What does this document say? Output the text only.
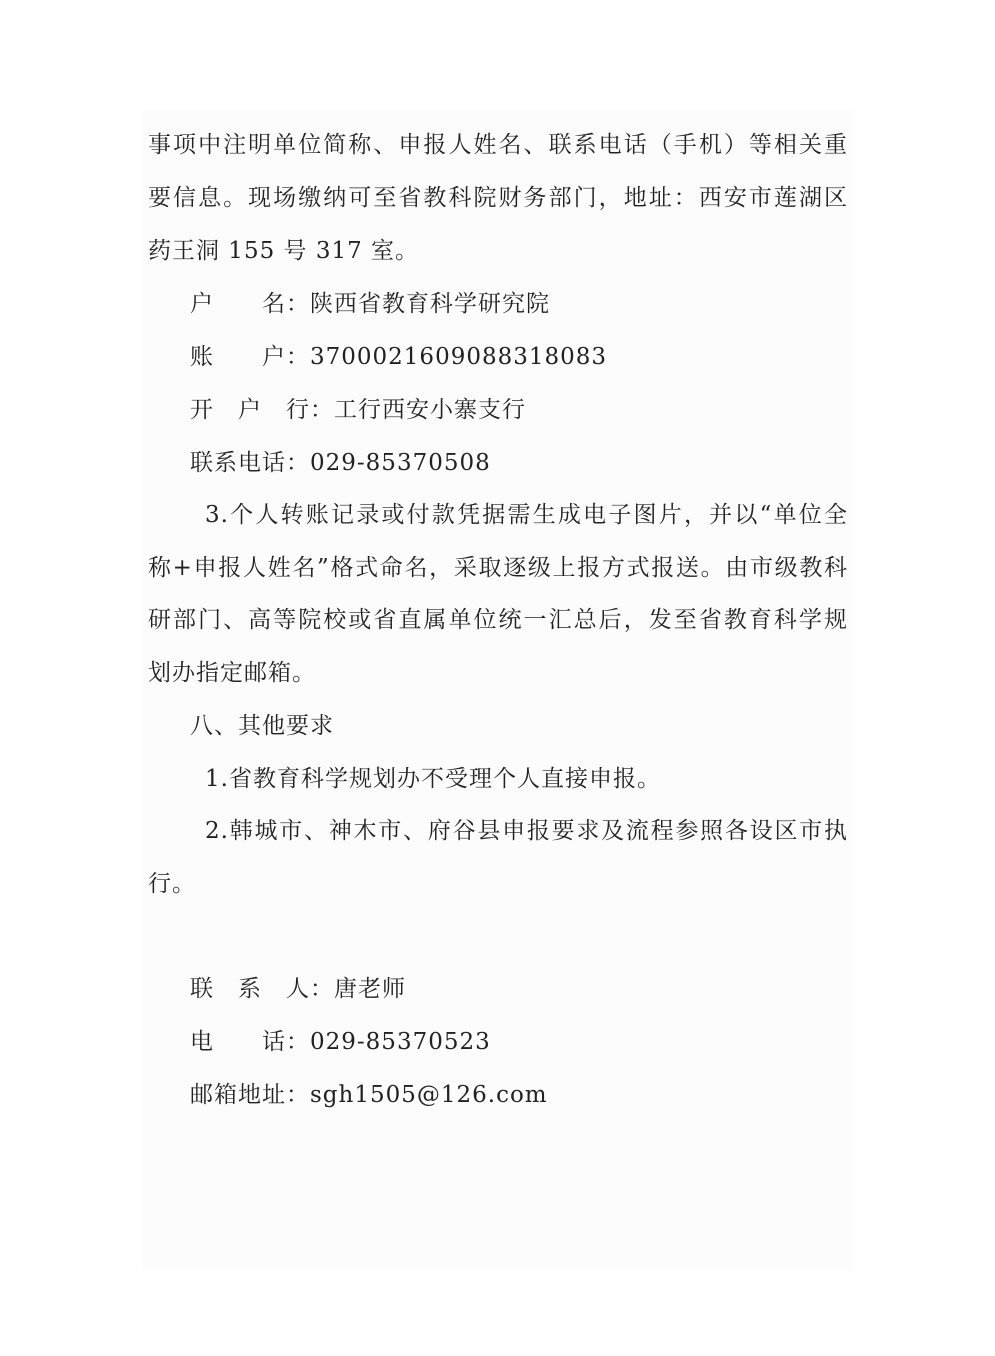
事项中注明单位简称、申报人姓名、联系电话（手机）等相关重
要信息。现场缴纳可至省教科院财务部门，地址：西安市莲湖区
药王洞 155 号 317 室。
户　　名：陕西省教育科学研究院
账　　户：3700021609088318083
开　户　行：工行西安小寨支行
联系电话：029-85370508
3.个人转账记录或付款凭据需生成电子图片，并以“单位全
称+申报人姓名”格式命名，采取逐级上报方式报送。由市级教科
研部门、高等院校或省直属单位统一汇总后，发至省教育科学规
划办指定邮箱。
八、其他要求
1.省教育科学规划办不受理个人直接申报。
2.韩城市、神木市、府谷县申报要求及流程参照各设区市执
行。
联　系　人：唐老师
电　　话：029-85370523
邮箱地址：sgh1505@126.com
